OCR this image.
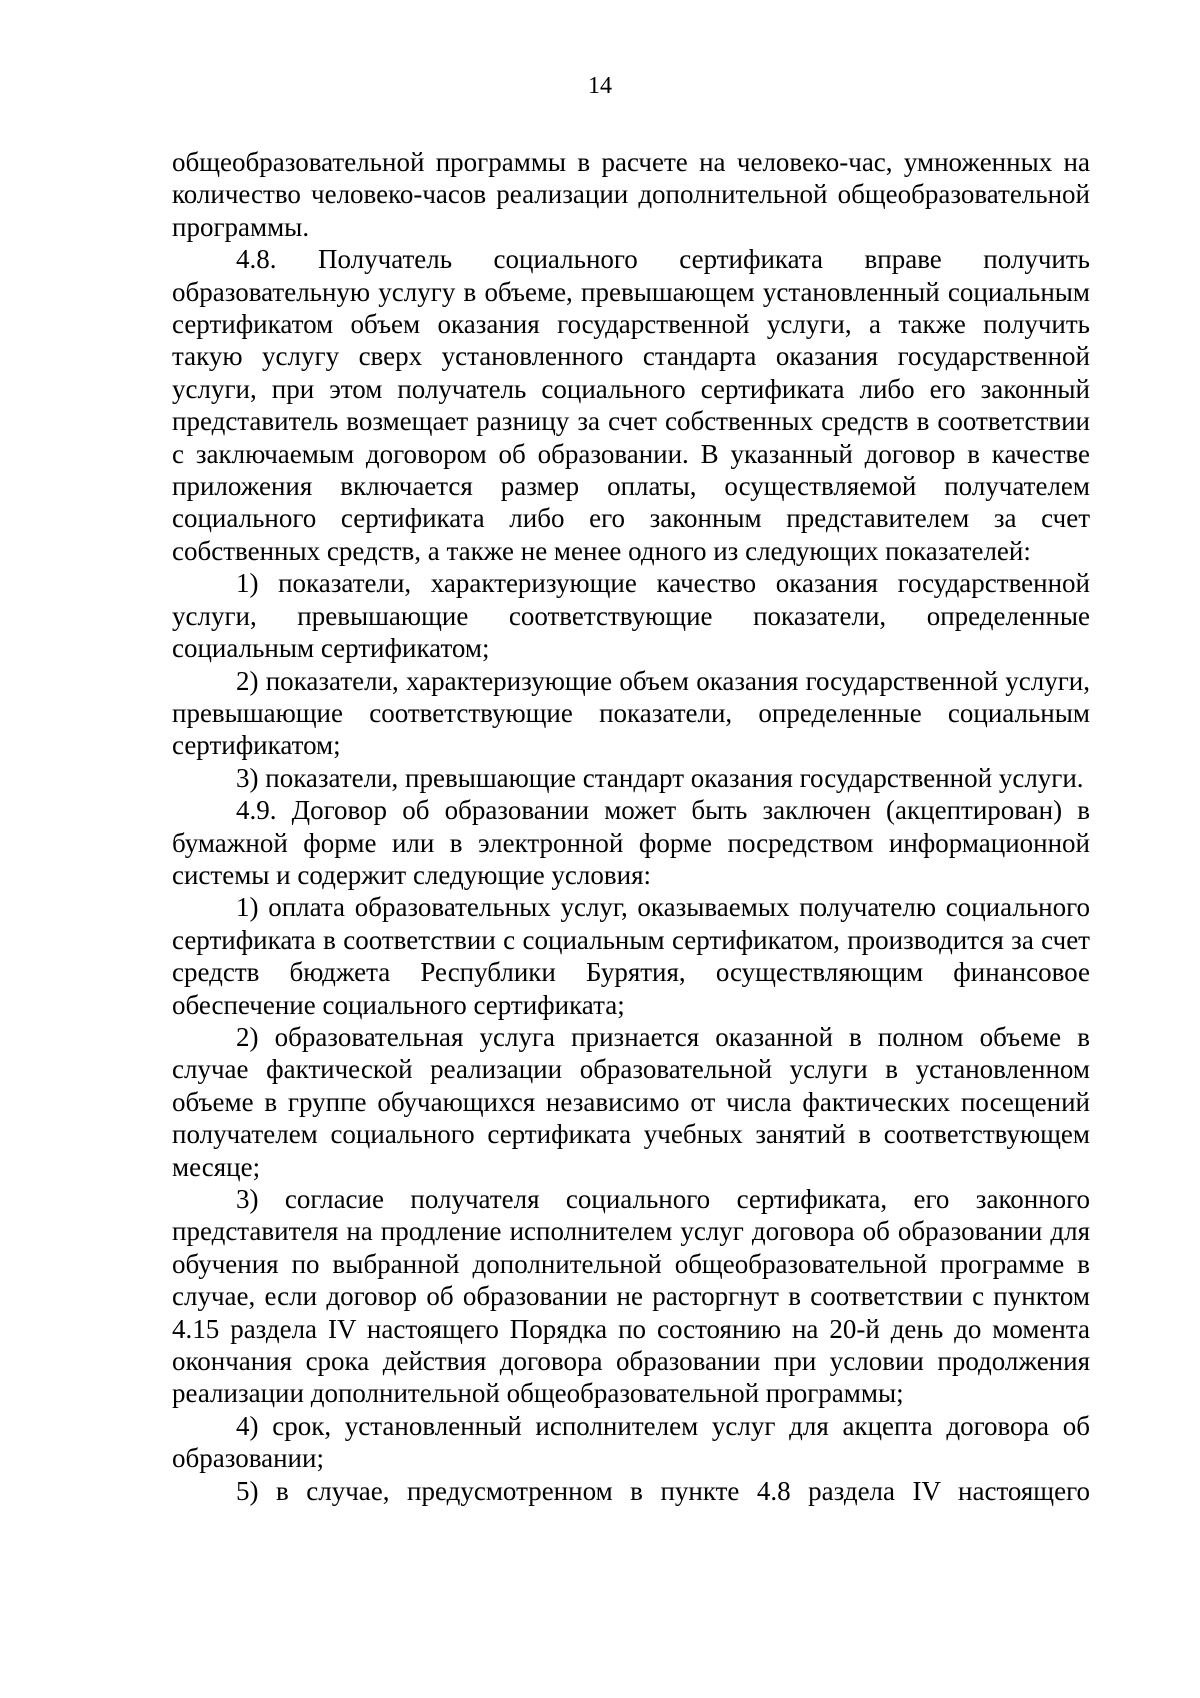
14

общеобразовательной программы в расчете на человеко-час, умноженных на количество человеко-часов реализации дополнительной общеобразовательной программы.

4.8. Получатель социального сертификата вправе получить образовательную услугу в объеме, превышающем установленный социальным сертификатом объем оказания государственной услуги, а также получить такую услугу сверх установленного стандарта оказания государственной услуги, при этом получатель социального сертификата либо его законный представитель возмещает разницу за счет собственных средств в соответствии с заключаемым договором об образовании. В указанный договор в качестве приложения включается размер оплаты, осуществляемой получателем социального сертификата либо его законным представителем за счет собственных средств, а также не менее одного из следующих показателей:

1) показатели, характеризующие качество оказания государственной услуги, превышающие соответствующие показатели, определенные социальным сертификатом;

2) показатели, характеризующие объем оказания государственной услуги, превышающие соответствующие показатели, определенные социальным сертификатом;

3) показатели, превышающие стандарт оказания государственной услуги.

4.9. Договор об образовании может быть заключен (акцептирован) в бумажной форме или в электронной форме посредством информационной системы и содержит следующие условия:

1) оплата образовательных услуг, оказываемых получателю социального сертификата в соответствии с социальным сертификатом, производится за счет средств бюджета Республики Бурятия, осуществляющим финансовое обеспечение социального сертификата;

2) образовательная услуга признается оказанной в полном объеме в случае фактической реализации образовательной услуги в установленном объеме в группе обучающихся независимо от числа фактических посещений получателем социального сертификата учебных занятий в соответствующем месяце;

3) согласие получателя социального сертификата, его законного представителя на продление исполнителем услуг договора об образовании для обучения по выбранной дополнительной общеобразовательной программе в случае, если договор об образовании не расторгнут в соответствии с пунктом 4.15 раздела IV настоящего Порядка по состоянию на 20-й день до момента окончания срока действия договора образовании при условии продолжения реализации дополнительной общеобразовательной программы;

4) срок, установленный исполнителем услуг для акцепта договора об образовании;

5) в случае, предусмотренном в пункте 4.8 раздела IV настоящего
